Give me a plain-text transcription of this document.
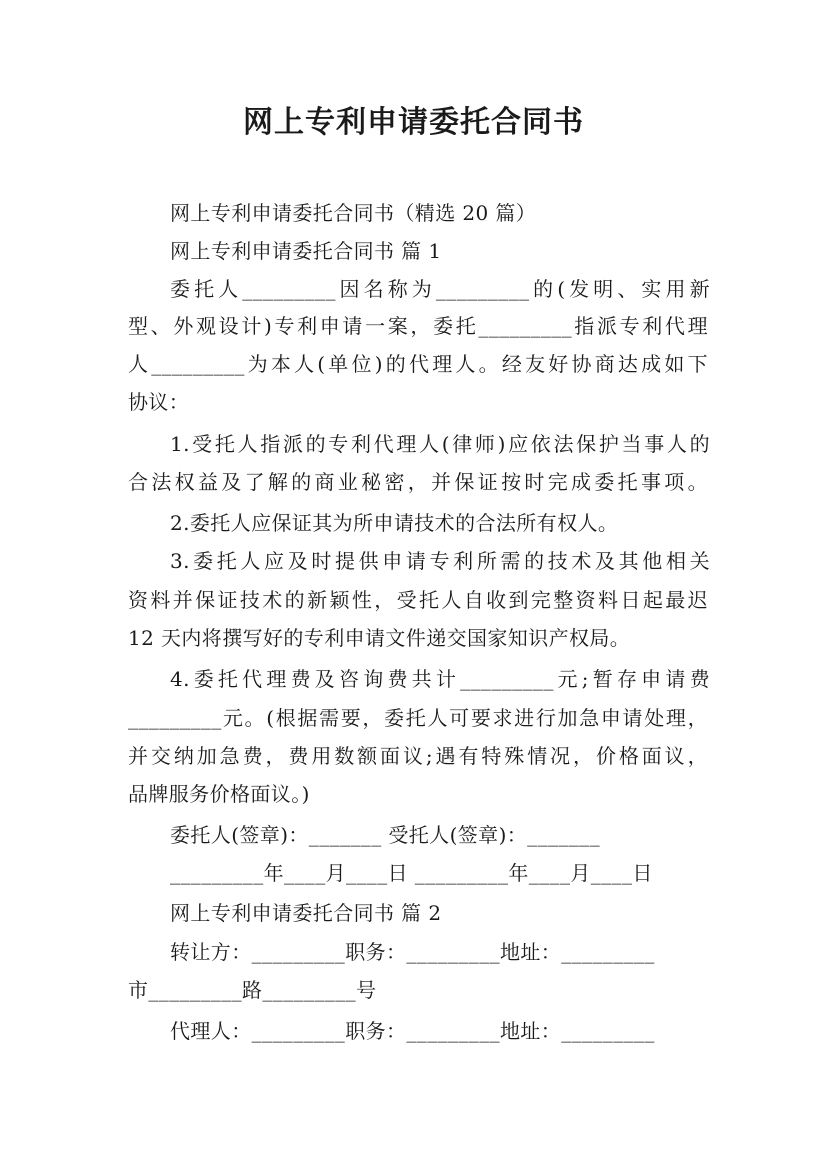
网上专利申请委托合同书
网上专利申请委托合同书（精选 20 篇）
网上专利申请委托合同书 篇 1
委托人_________因名称为_________的(发明、实用新
型、外观设计)专利申请一案，委托_________指派专利代理
人_________为本人(单位)的代理人。经友好协商达成如下
协议：
1.受托人指派的专利代理人(律师)应依法保护当事人的
合法权益及了解的商业秘密，并保证按时完成委托事项。
2.委托人应保证其为所申请技术的合法所有权人。
3.委托人应及时提供申请专利所需的技术及其他相关
资料并保证技术的新颖性，受托人自收到完整资料日起最迟
12 天内将撰写好的专利申请文件递交国家知识产权局。
4.委托代理费及咨询费共计_________元;暂存申请费
_________元。(根据需要，委托人可要求进行加急申请处理，
并交纳加急费，费用数额面议;遇有特殊情况，价格面议，
品牌服务价格面议。)
委托人(签章)：_______ 受托人(签章)：_______
_________年____月____日 _________年____月____日
网上专利申请委托合同书 篇 2
转让方：_________职务：_________地址：_________
市_________路_________号
代理人：_________职务：_________地址：_________
